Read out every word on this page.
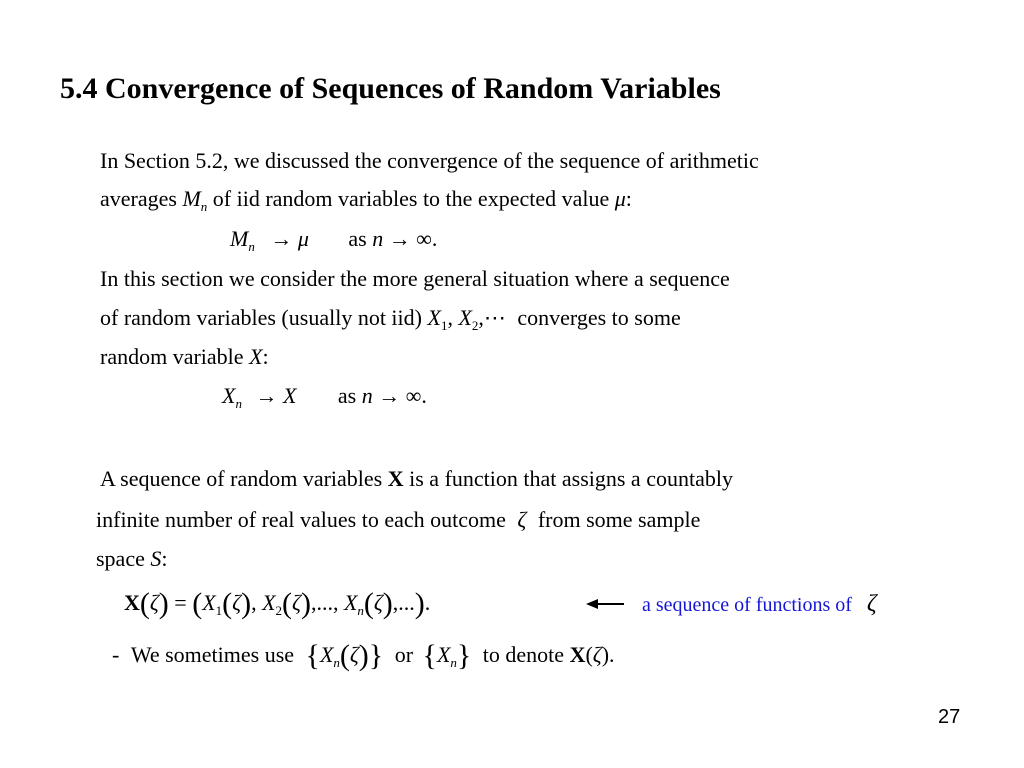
5.4 Convergence of Sequences of Random Variables
In Section 5.2, we discussed the convergence of the sequence of arithmetic
averages $M_n$ of iid random variables to the expected value μ:
$M_n \to \mu$ as n → ∞.
In this section we consider the more general situation where a sequence
of random variables (usually not iid) $X_1$, $X_2,\cdots$ converges to some
random variable X:
$X_n \to X$ as n → ∞.
A sequence of random variables X is a function that assigns a countably
infinite number of real values to each outcome ζ from some sample
space S:
$X(\zeta) = (X_1(\zeta)$, $X_2(\zeta)$,..., $X_n(\zeta)$,...).	a sequence of functions of ζ
- We sometimes use $\{X_n(\zeta)\}$ or $\{X_n\}$ to denote X(ζ).
27
